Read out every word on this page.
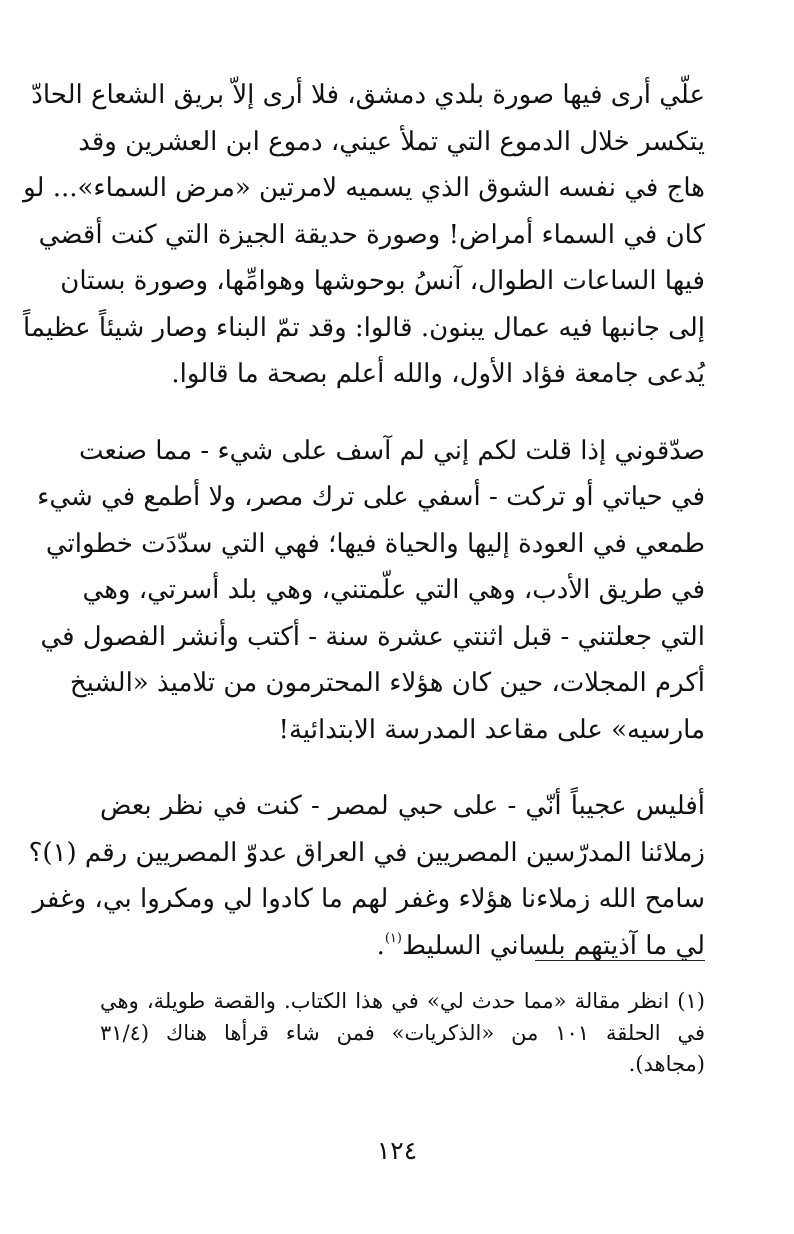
علّي أرى فيها صورة بلدي دمشق، فلا أرى إلاّ بريق الشعاع الحادّ
يتكسر خلال الدموع التي تملأ عيني، دموع ابن العشرين وقد
هاج في نفسه الشوق الذي يسميه لامرتين «مرض السماء»... لو
كان في السماء أمراض! وصورة حديقة الجيزة التي كنت أقضي
فيها الساعات الطوال، آنسُ بوحوشها وهوامِّها، وصورة بستان
إلى جانبها فيه عمال يبنون. قالوا: وقد تمّ البناء وصار شيئاً عظيماً
يُدعى جامعة فؤاد الأول، والله أعلم بصحة ما قالوا.

صدّقوني إذا قلت لكم إني لم آسف على شيء - مما صنعت
في حياتي أو تركت - أسفي على ترك مصر، ولا أطمع في شيء
طمعي في العودة إليها والحياة فيها؛ فهي التي سدّدَت خطواتي
في طريق الأدب، وهي التي علّمتني، وهي بلد أسرتي، وهي
التي جعلتني - قبل اثنتي عشرة سنة - أكتب وأنشر الفصول في
أكرم المجلات، حين كان هؤلاء المحترمون من تلاميذ «الشيخ
مارسيه» على مقاعد المدرسة الابتدائية!

أفليس عجيباً أنّي - على حبي لمصر - كنت في نظر بعض
زملائنا المدرّسين المصريين في العراق عدوّ المصريين رقم (١)؟
سامح الله زملاءنا هؤلاء وغفر لهم ما كادوا لي ومكروا بي، وغفر
لي ما آذيتهم بلساني السليط$^{(١)}$.

(١) انظر مقالة «مما حدث لي» في هذا الكتاب. والقصة طويلة، وهي
في الحلقة ١٠١ من «الذكريات» فمن شاء قرأها هناك (٣١/٤
(مجاهد).
١٢٤
